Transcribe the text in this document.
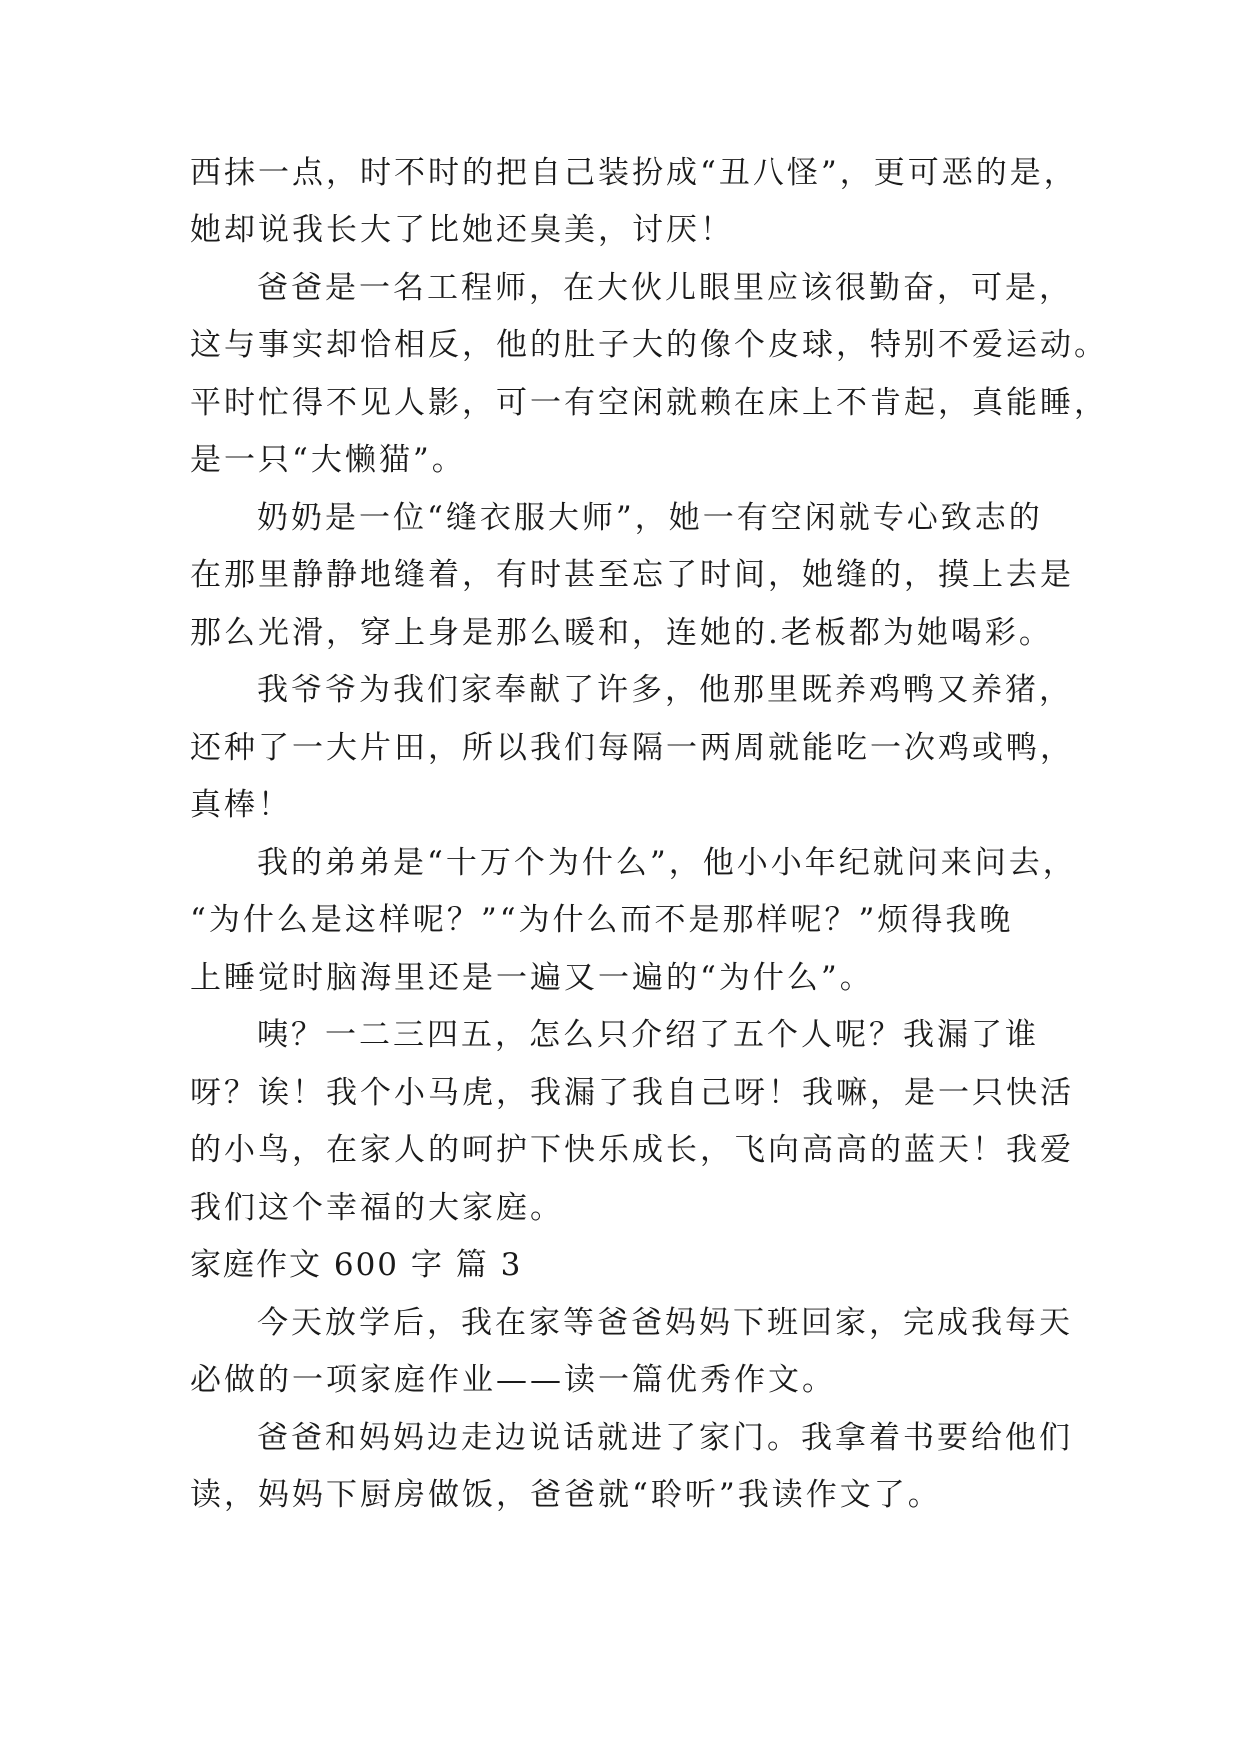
西抹一点，时不时的把自己装扮成“丑八怪”，更可恶的是，
她却说我长大了比她还臭美，讨厌！
爸爸是一名工程师，在大伙儿眼里应该很勤奋，可是，
这与事实却恰相反，他的肚子大的像个皮球，特别不爱运动。
平时忙得不见人影，可一有空闲就赖在床上不肯起，真能睡，
是一只“大懒猫”。
奶奶是一位“缝衣服大师”，她一有空闲就专心致志的
在那里静静地缝着，有时甚至忘了时间，她缝的，摸上去是
那么光滑，穿上身是那么暖和，连她的.老板都为她喝彩。
我爷爷为我们家奉献了许多，他那里既养鸡鸭又养猪，
还种了一大片田，所以我们每隔一两周就能吃一次鸡或鸭，
真棒！
我的弟弟是“十万个为什么”，他小小年纪就问来问去，
“为什么是这样呢？”“为什么而不是那样呢？”烦得我晚
上睡觉时脑海里还是一遍又一遍的“为什么”。
咦？一二三四五，怎么只介绍了五个人呢？我漏了谁
呀？诶！我个小马虎，我漏了我自己呀！我嘛，是一只快活
的小鸟，在家人的呵护下快乐成长，飞向高高的蓝天！我爱
我们这个幸福的大家庭。
家庭作文 600 字 篇 3
今天放学后，我在家等爸爸妈妈下班回家，完成我每天
必做的一项家庭作业——读一篇优秀作文。
爸爸和妈妈边走边说话就进了家门。我拿着书要给他们
读，妈妈下厨房做饭，爸爸就“聆听”我读作文了。
